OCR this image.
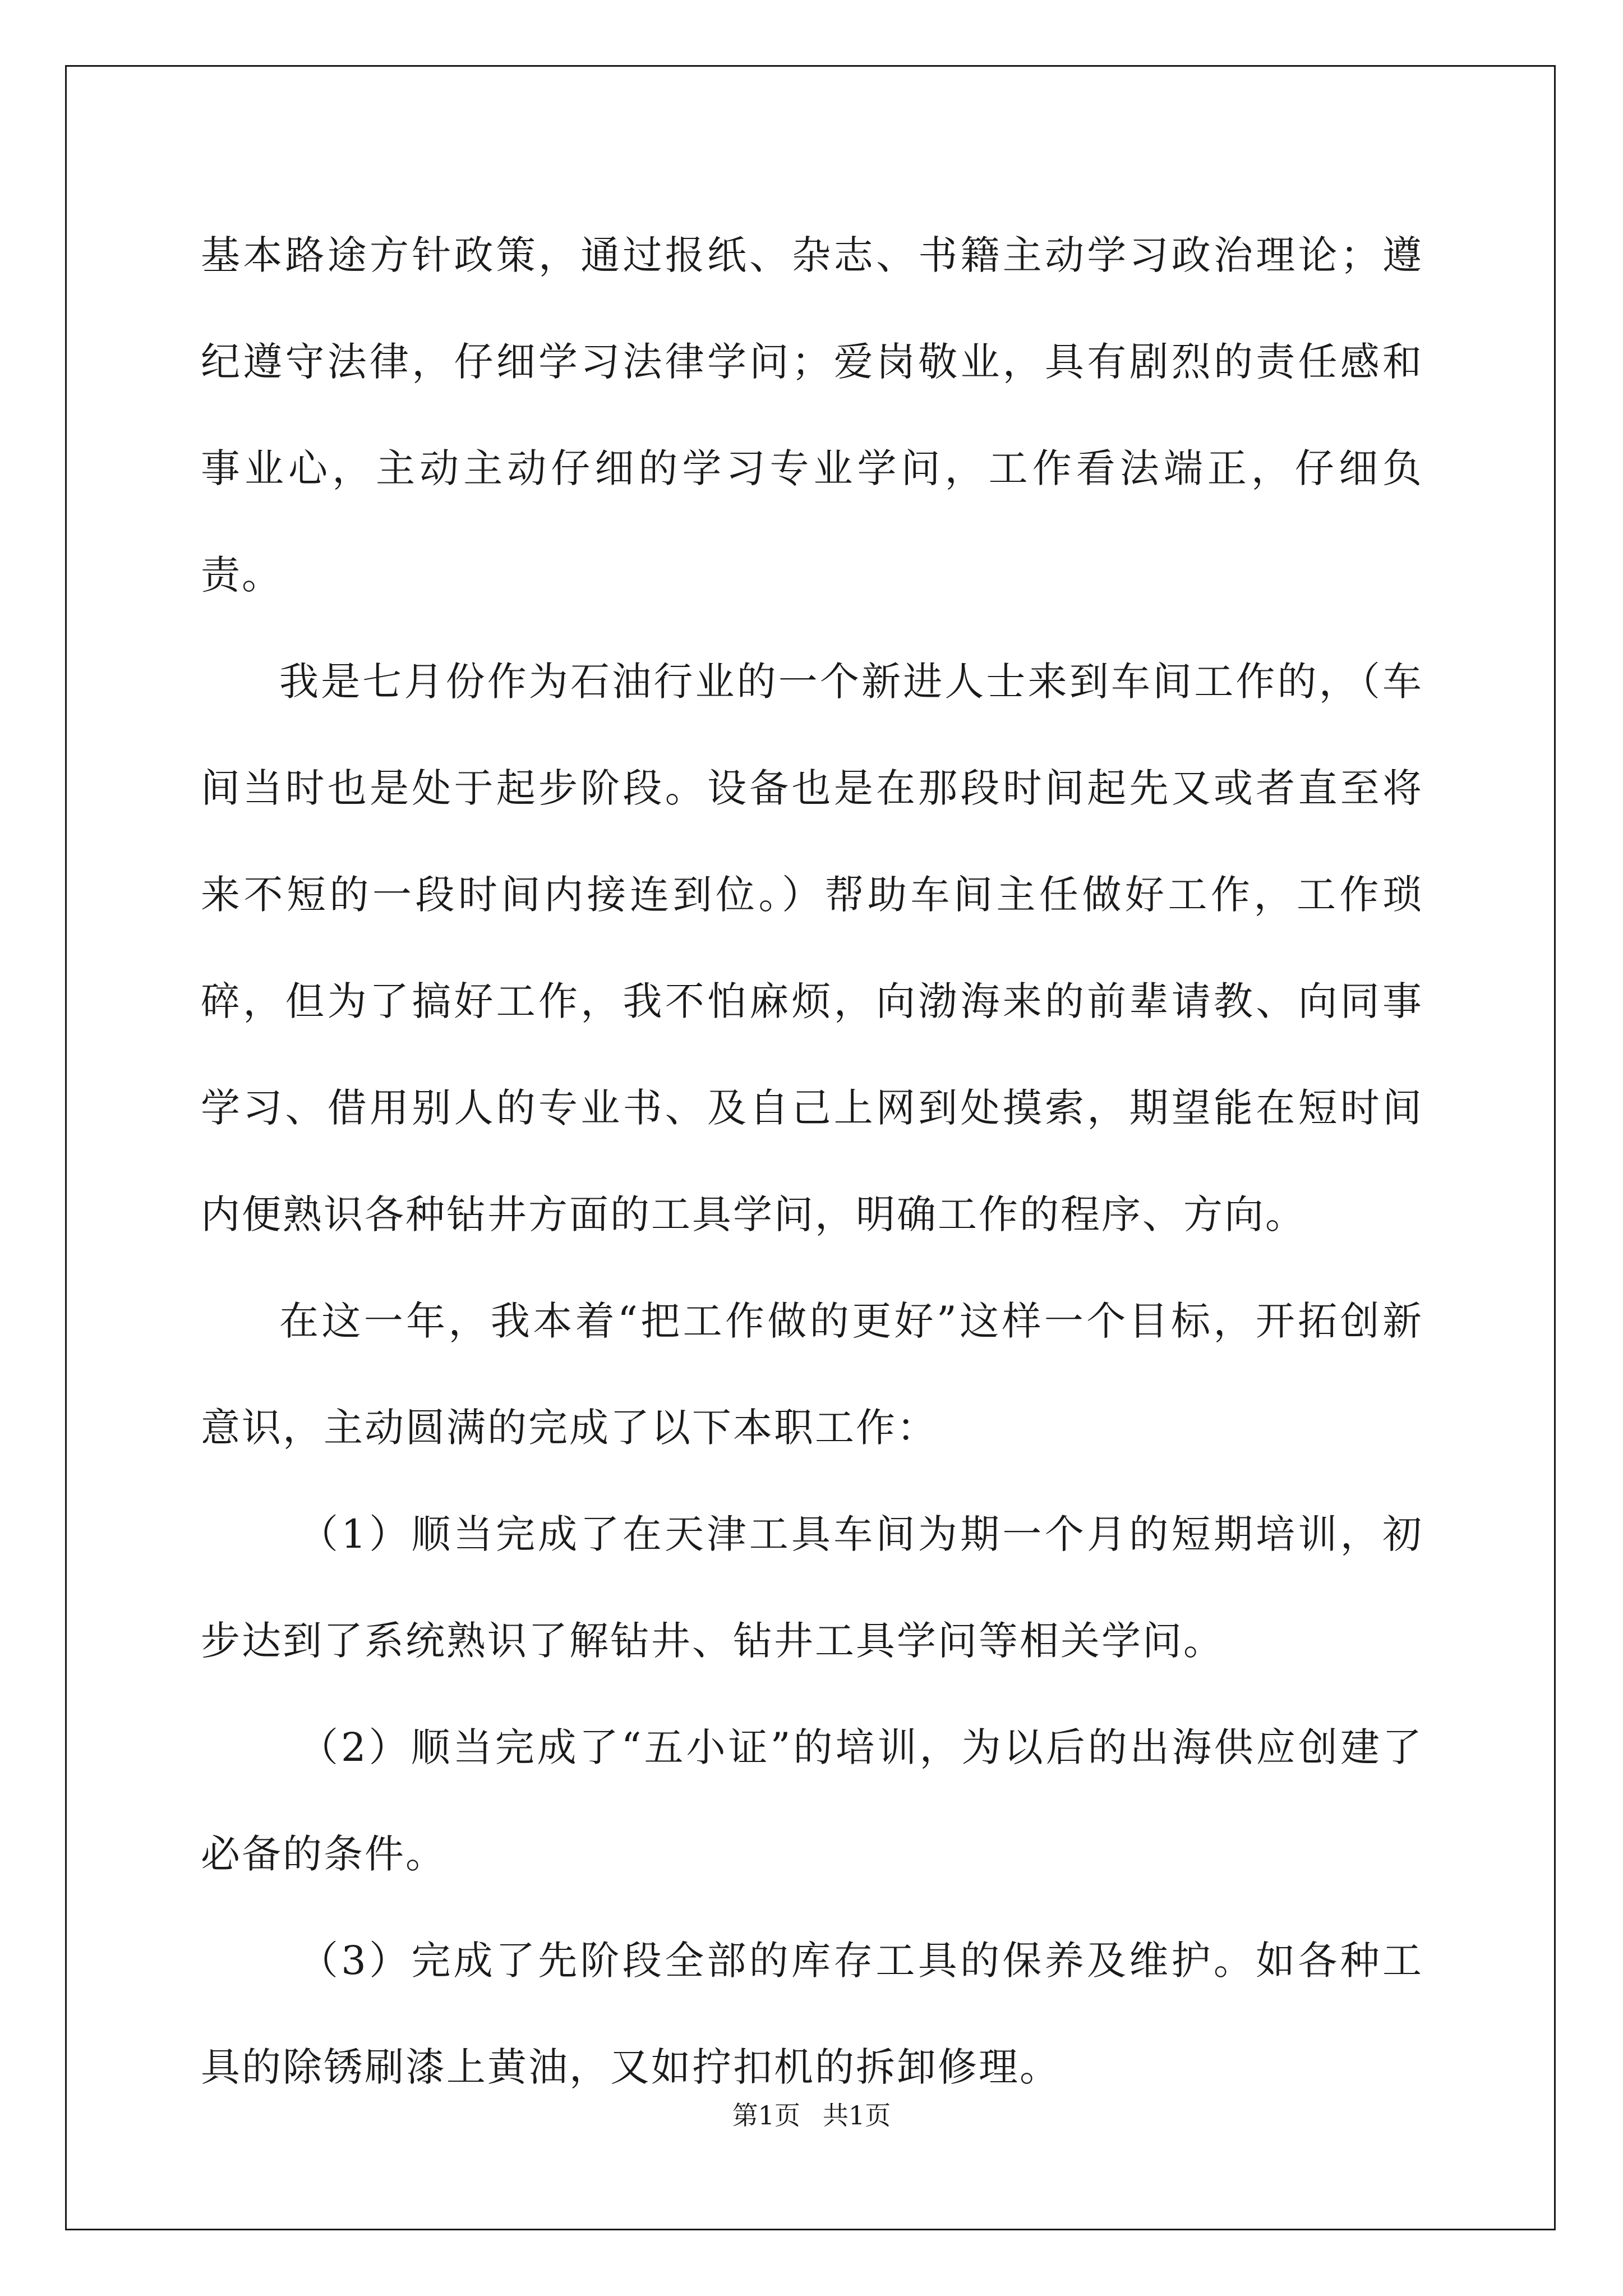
基本路途方针政策，通过报纸、杂志、书籍主动学习政治理论；遵纪遵守法律，仔细学习法律学问；爱岗敬业，具有剧烈的责任感和事业心，主动主动仔细的学习专业学问，工作看法端正，仔细负责。

我是七月份作为石油行业的一个新进人士来到车间工作的，（车间当时也是处于起步阶段。设备也是在那段时间起先又或者直至将来不短的一段时间内接连到位。）帮助车间主任做好工作，工作琐碎，但为了搞好工作，我不怕麻烦，向渤海来的前辈请教、向同事学习、借用别人的专业书、及自己上网到处摸索，期望能在短时间内便熟识各种钻井方面的工具学问，明确工作的程序、方向。

在这一年，我本着“把工作做的更好”这样一个目标，开拓创新意识，主动圆满的完成了以下本职工作：

（1）顺当完成了在天津工具车间为期一个月的短期培训，初步达到了系统熟识了解钻井、钻井工具学问等相关学问。

（2）顺当完成了“五小证”的培训，为以后的出海供应创建了必备的条件。

（3）完成了先阶段全部的库存工具的保养及维护。如各种工具的除锈刷漆上黄油，又如拧扣机的拆卸修理。

第1页 共1页
